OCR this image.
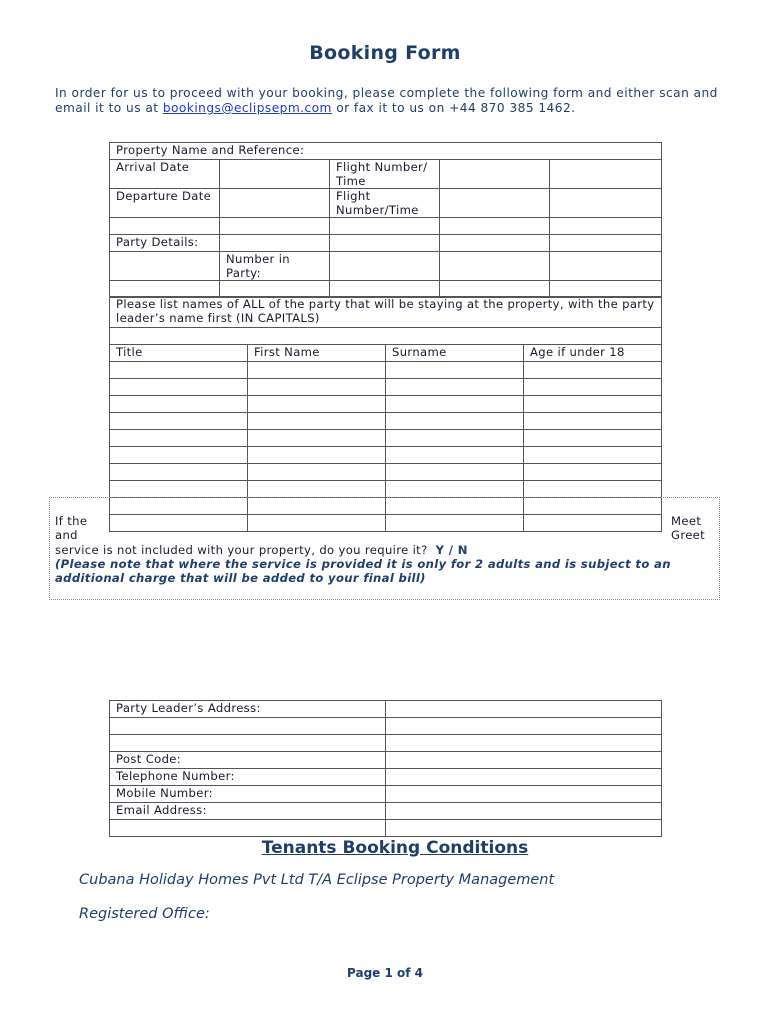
Booking Form
In order for us to proceed with your booking, please complete the following form and either scan and email it to us at bookings@eclipsepm.com or fax it to us on +44 870 385 1462.
Property Name and Reference:				
Arrival Date		Flight Number/ Time		
Departure Date		Flight Number/Time		

Party Details:				
	Number in Party:			

Please list names of ALL of the party that will be staying at the property, with the party leader’s name first (IN CAPITALS)			

Title	First Name	Surname	Age if under 18

If the and
Meet Greet
service is not included with your property, do you require it? Y / N
(Please note that where the service is provided it is only for 2 adults and is subject to an additional charge that will be added to your final bill)
Party Leader’s Address:	

Post Code:	
Telephone Number:	
Mobile Number:	
Email Address:	

Tenants Booking Conditions
Cubana Holiday Homes Pvt Ltd T/A Eclipse Property Management
Registered Office:
Page 1 of 4
